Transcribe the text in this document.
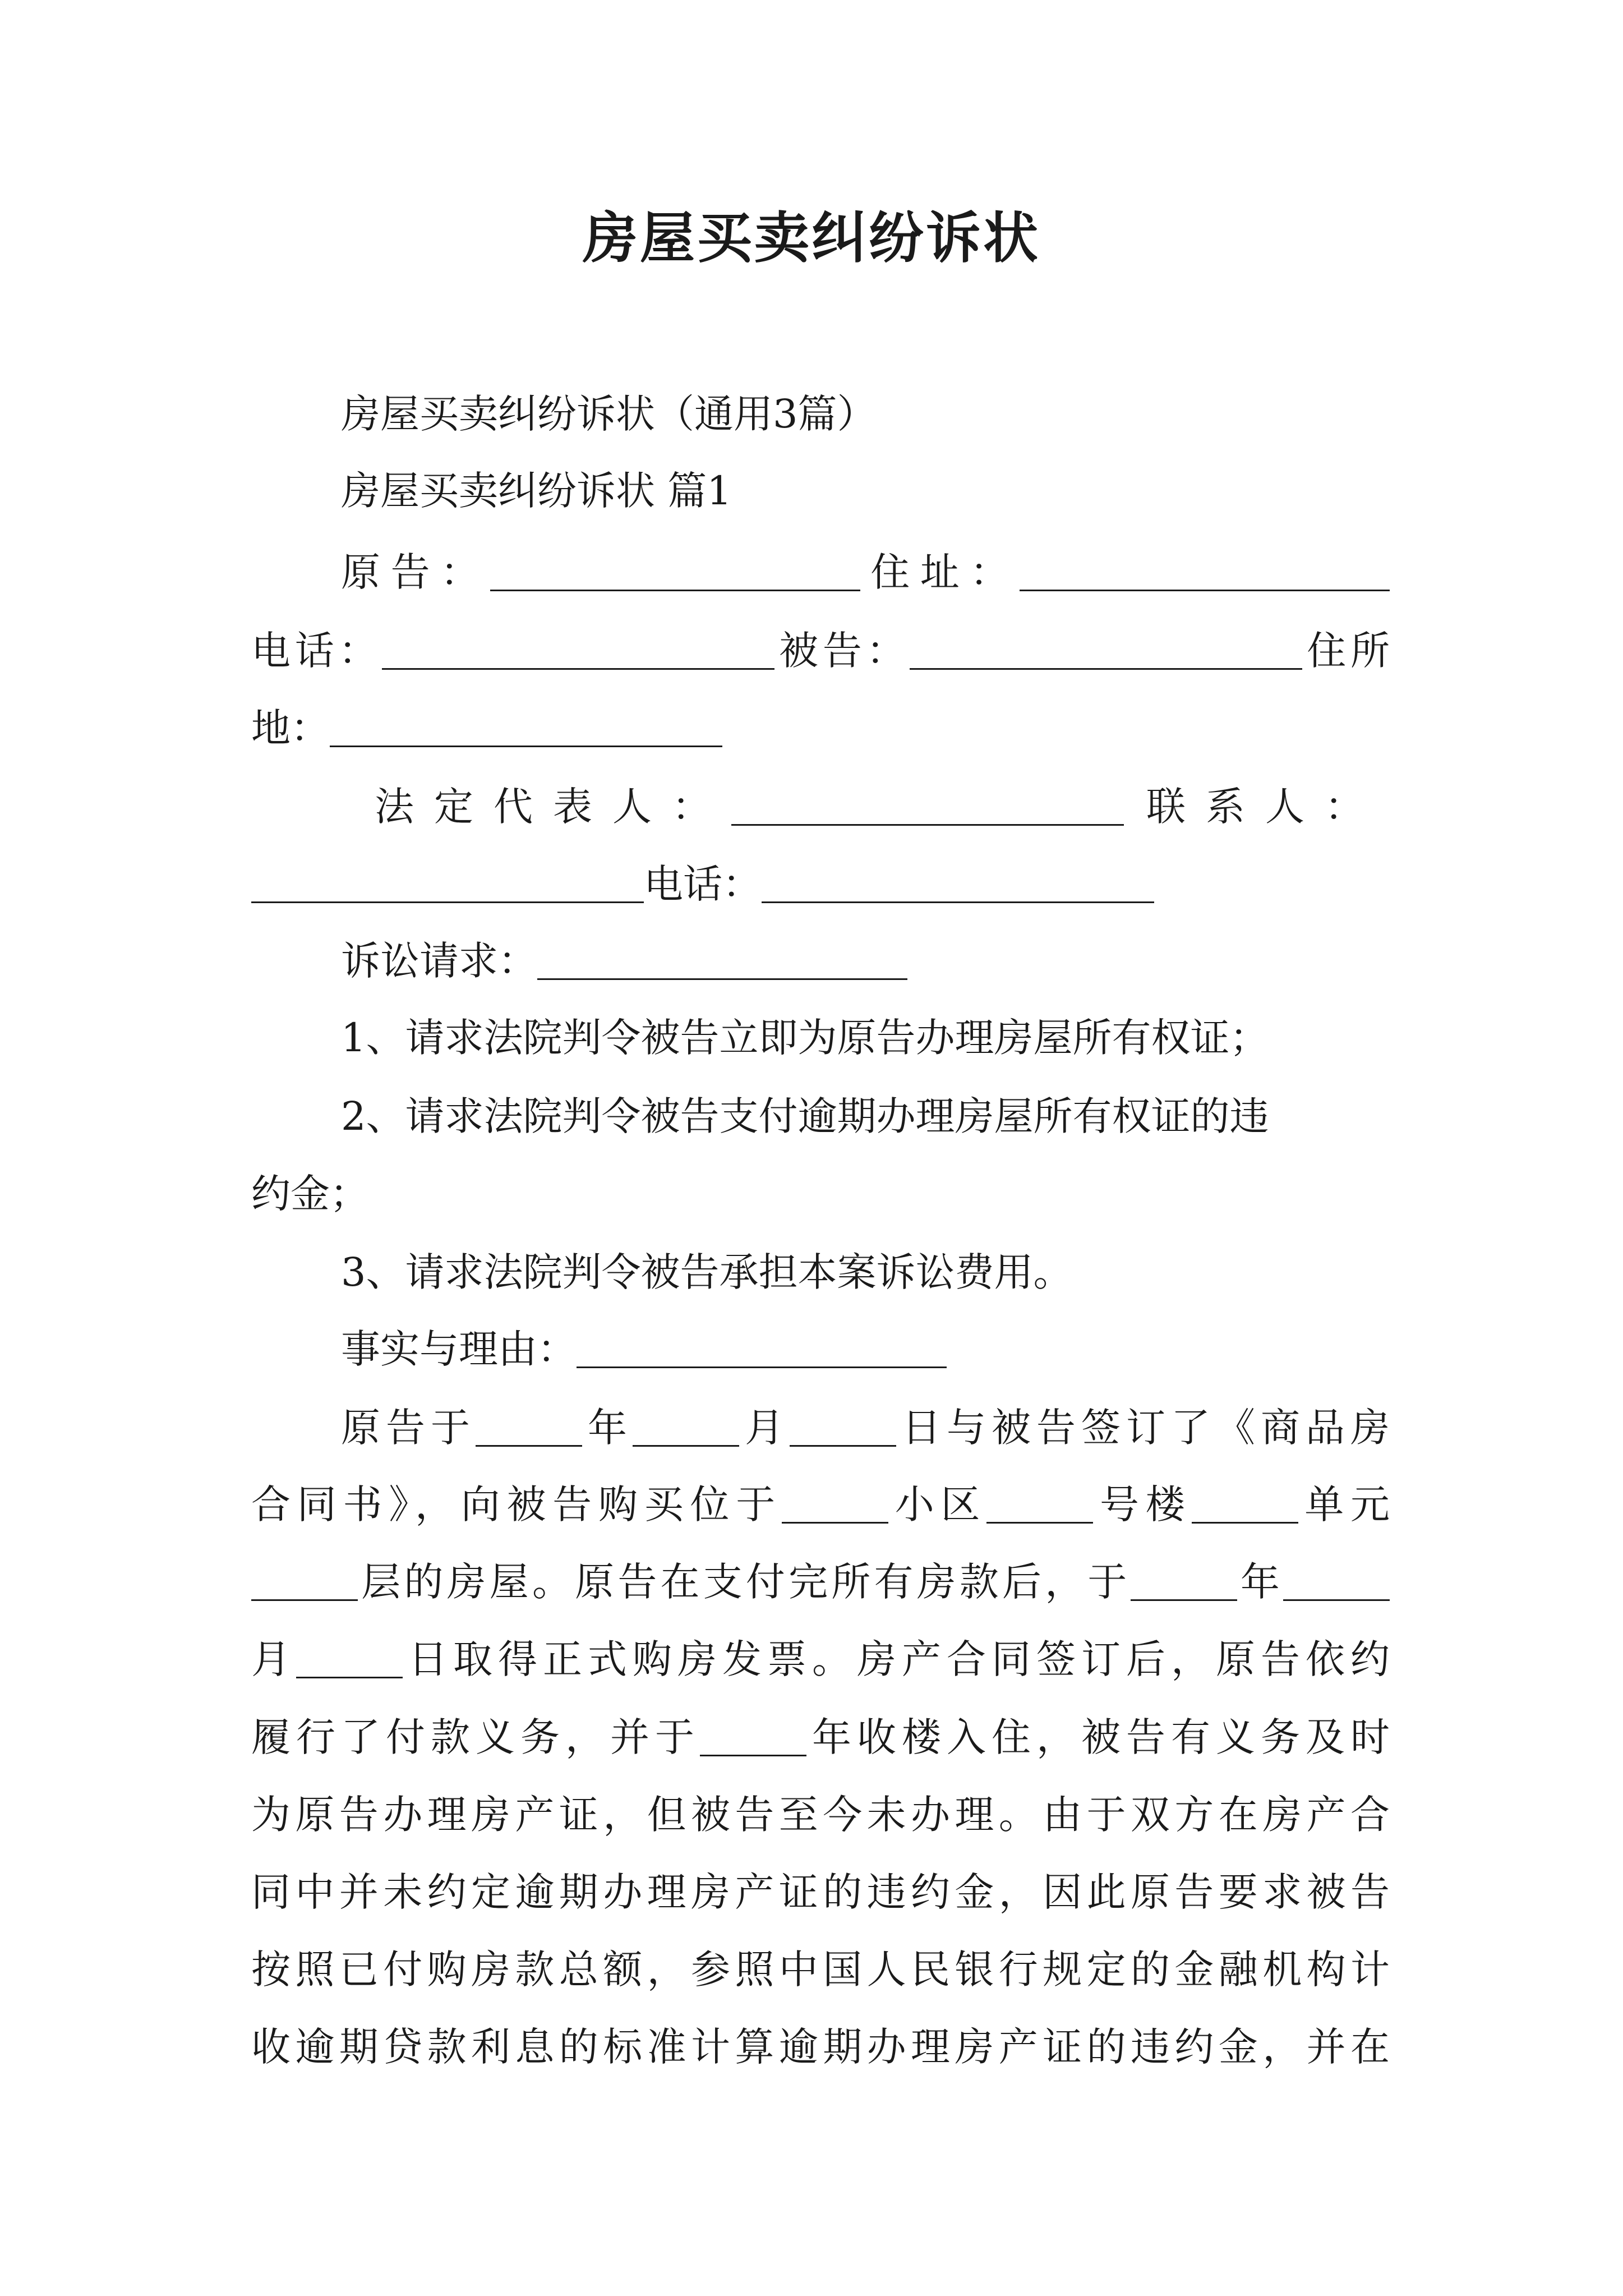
房屋买卖纠纷诉状
房屋买卖纠纷诉状（通用3篇）
房屋买卖纠纷诉状 篇1
原告：	住址：
电话：	被告：	住所
地：
法定代表人：	联系人：
电话：
诉讼请求：
1、请求法院判令被告立即为原告办理房屋所有权证；
2、请求法院判令被告支付逾期办理房屋所有权证的违
约金；
3、请求法院判令被告承担本案诉讼费用。
事实与理由：
原告于	年	月	日与被告签订了《商品房
合同书》，向被告购买位于	小区	号楼	单元
层的房屋。原告在支付完所有房款后，于	年
月	日取得正式购房发票。房产合同签订后，原告依约
履行了付款义务，并于	年收楼入住，被告有义务及时
为原告办理房产证，但被告至今未办理。由于双方在房产合
同中并未约定逾期办理房产证的违约金，因此原告要求被告
按照已付购房款总额，参照中国人民银行规定的金融机构计
收逾期贷款利息的标准计算逾期办理房产证的违约金，并在
